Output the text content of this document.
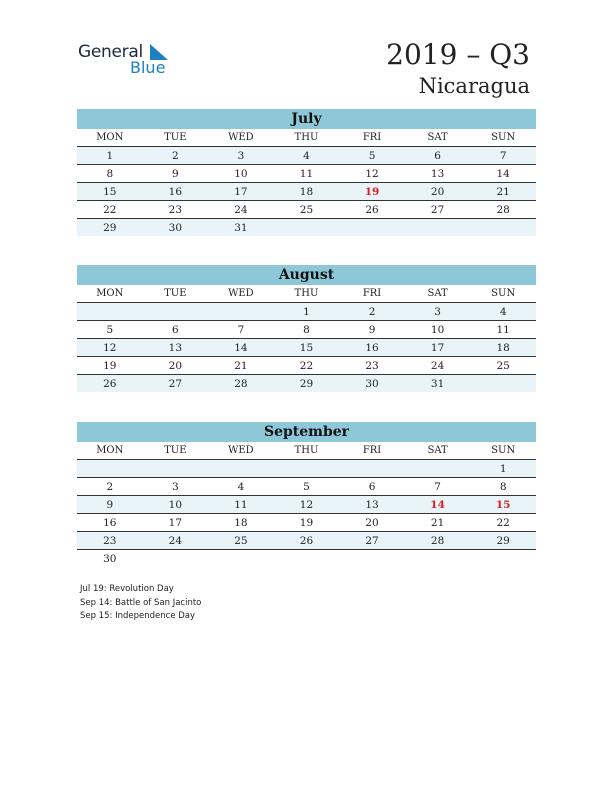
General
Blue	2019 – Q3
Nicaragua
July
MON	TUE	WED	THU	FRI	SAT	SUN
1	2	3	4	5	6	7
8	9	10	11	12	13	14
15	16	17	18	19	20	21
22	23	24	25	26	27	28
29	30	31				
August
MON	TUE	WED	THU	FRI	SAT	SUN
			1	2	3	4
5	6	7	8	9	10	11
12	13	14	15	16	17	18
19	20	21	22	23	24	25
26	27	28	29	30	31	
September
MON	TUE	WED	THU	FRI	SAT	SUN
						1
2	3	4	5	6	7	8
9	10	11	12	13	14	15
16	17	18	19	20	21	22
23	24	25	26	27	28	29
30						
Jul 19: Revolution Day
Sep 14: Battle of San Jacinto
Sep 15: Independence Day
